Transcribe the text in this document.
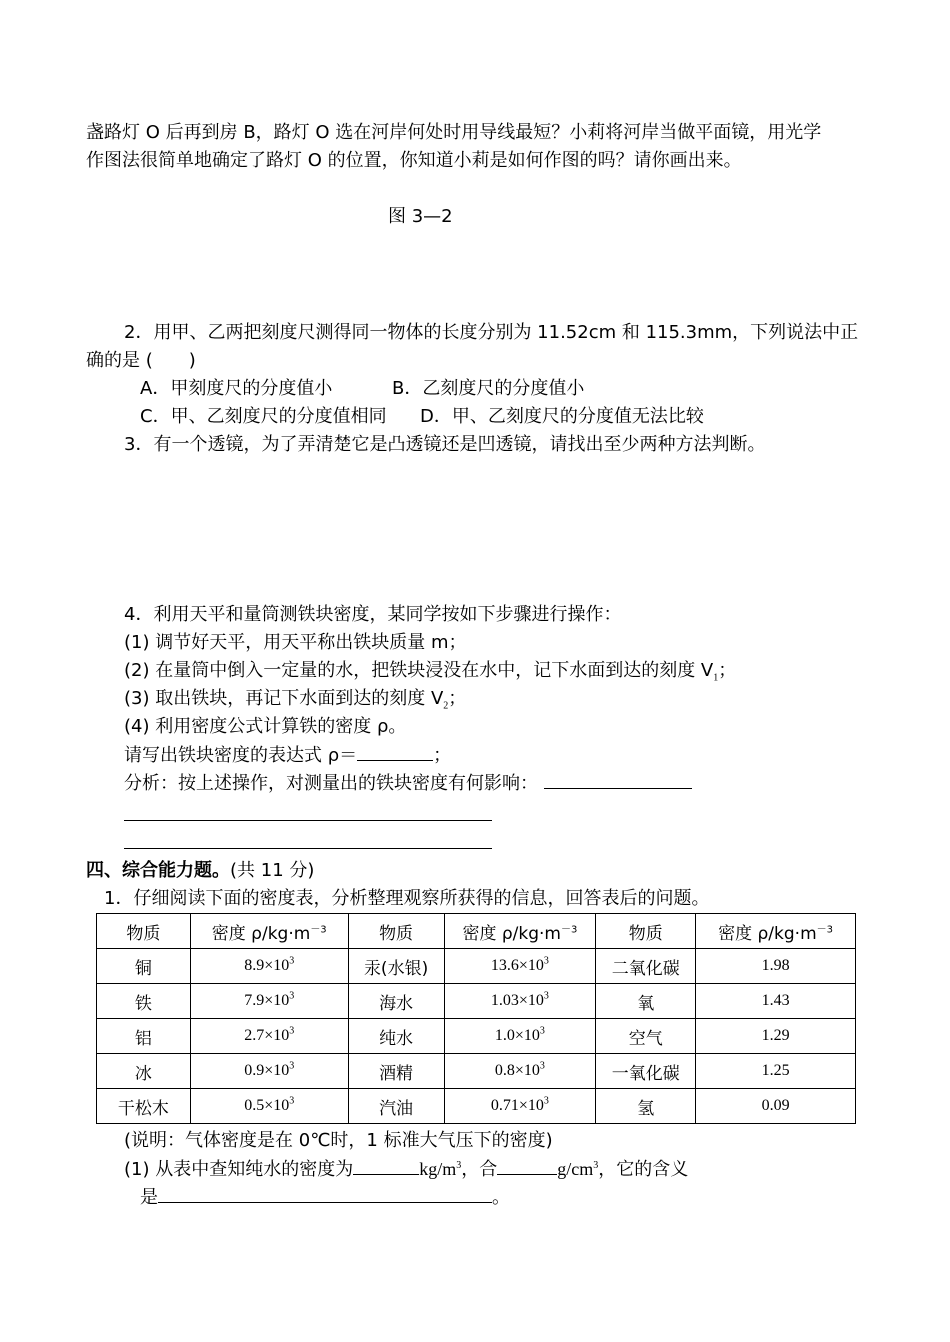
盏路灯 O 后再到房 B，路灯 O 选在河岸何处时用导线最短？小莉将河岸当做平面镜，用光学
作图法很简单地确定了路灯 O 的位置，你知道小莉是如何作图的吗？请你画出来。
图 3—2
2．用甲、乙两把刻度尺测得同一物体的长度分别为 11.52cm 和 115.3mm，下列说法中正
确的是 (　　)
A．甲刻度尺的分度值小	B．乙刻度尺的分度值小
C．甲、乙刻度尺的分度值相同 D．甲、乙刻度尺的分度值无法比较
3．有一个透镜，为了弄清楚它是凸透镜还是凹透镜，请找出至少两种方法判断。
4．利用天平和量筒测铁块密度，某同学按如下步骤进行操作：
(1) 调节好天平，用天平称出铁块质量 m；
(2) 在量筒中倒入一定量的水，把铁块浸没在水中，记下水面到达的刻度 $V_1$；
(3) 取出铁块，再记下水面到达的刻度 $V_2$；
(4) 利用密度公式计算铁的密度 ρ。
请写出铁块密度的表达式 ρ＝	；
分析：按上述操作，对测量出的铁块密度有何影响：
四、综合能力题。(共 11 分)
1．仔细阅读下面的密度表，分析整理观察所获得的信息，回答表后的问题。
物质	密度 $\rho/kg\cdot m^{-3}$	物质	密度 $\rho/kg\cdot m^{-3}$	物质	密度 $\rho/kg\cdot m^{-3}$
铜	$8.9\times 10^3$	汞(水银)	$13.6\times 10^3$	二氧化碳	1.98
铁	$7.9\times 10^3$	海水	$1.03\times 10^3$	氧	1.43
铝	$2.7\times 10^3$	纯水	$1.0\times 10^3$	空气	1.29
冰	$0.9\times 10^3$	酒精	$0.8\times 10^3$	一氧化碳	1.25
干松木	$0.5\times 10^3$	汽油	$0.71\times 10^3$	氢	0.09
(说明：气体密度是在 0℃时，1 标准大气压下的密度)
(1) 从表中查知纯水的密度为	$kg/m^3$，合	$g/cm^3$，它的含义
是	。
